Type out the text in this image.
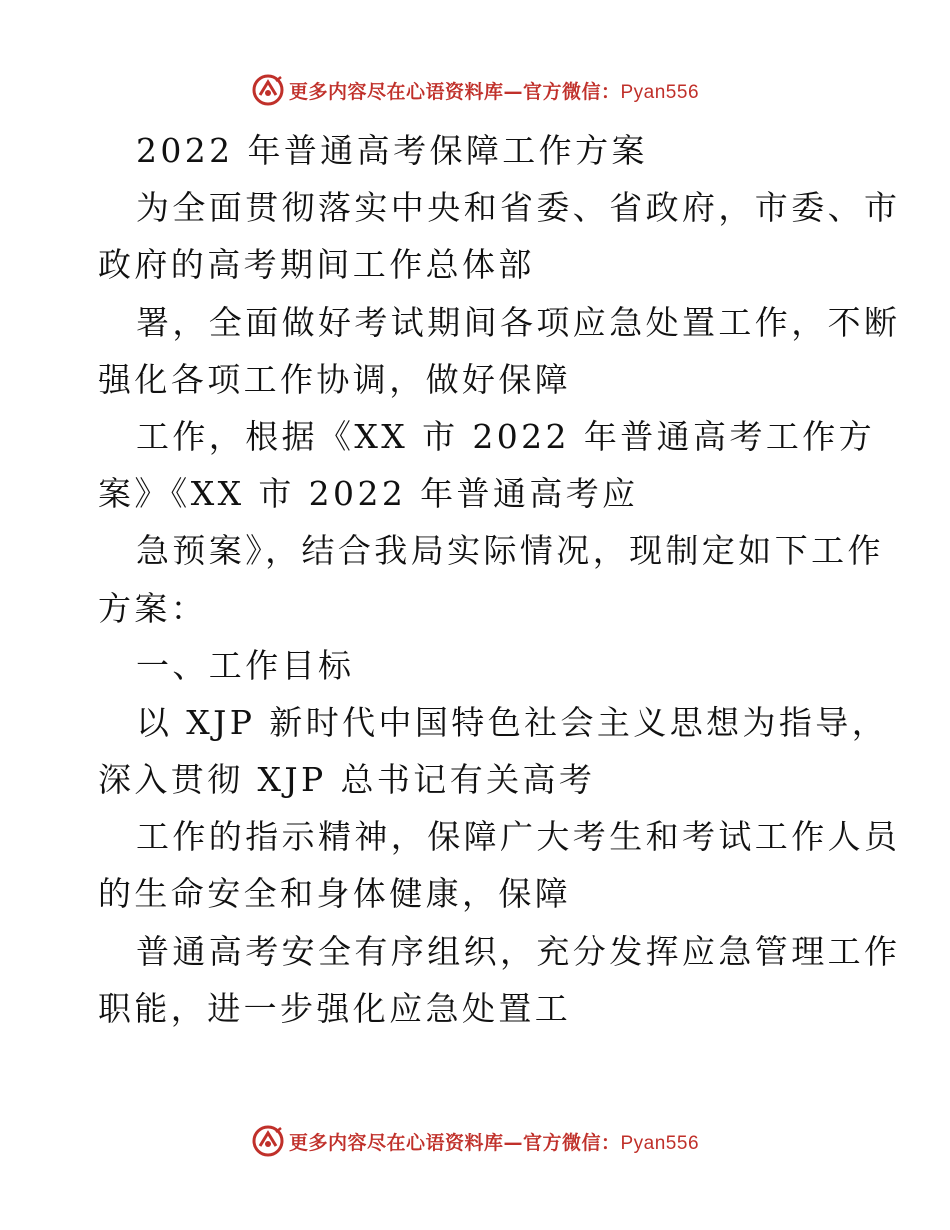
更多内容尽在心语资料库—官方微信：Pyan556
2022 年普通高考保障工作方案
为全面贯彻落实中央和省委、省政府，市委、市
政府的高考期间工作总体部
署，全面做好考试期间各项应急处置工作，不断
强化各项工作协调，做好保障
工作，根据《XX 市 2022 年普通高考工作方
案》《XX 市 2022 年普通高考应
急预案》，结合我局实际情况，现制定如下工作
方案：
一、工作目标
以 XJP 新时代中国特色社会主义思想为指导，
深入贯彻 XJP 总书记有关高考
工作的指示精神，保障广大考生和考试工作人员
的生命安全和身体健康，保障
普通高考安全有序组织，充分发挥应急管理工作
职能，进一步强化应急处置工
更多内容尽在心语资料库—官方微信：Pyan556
